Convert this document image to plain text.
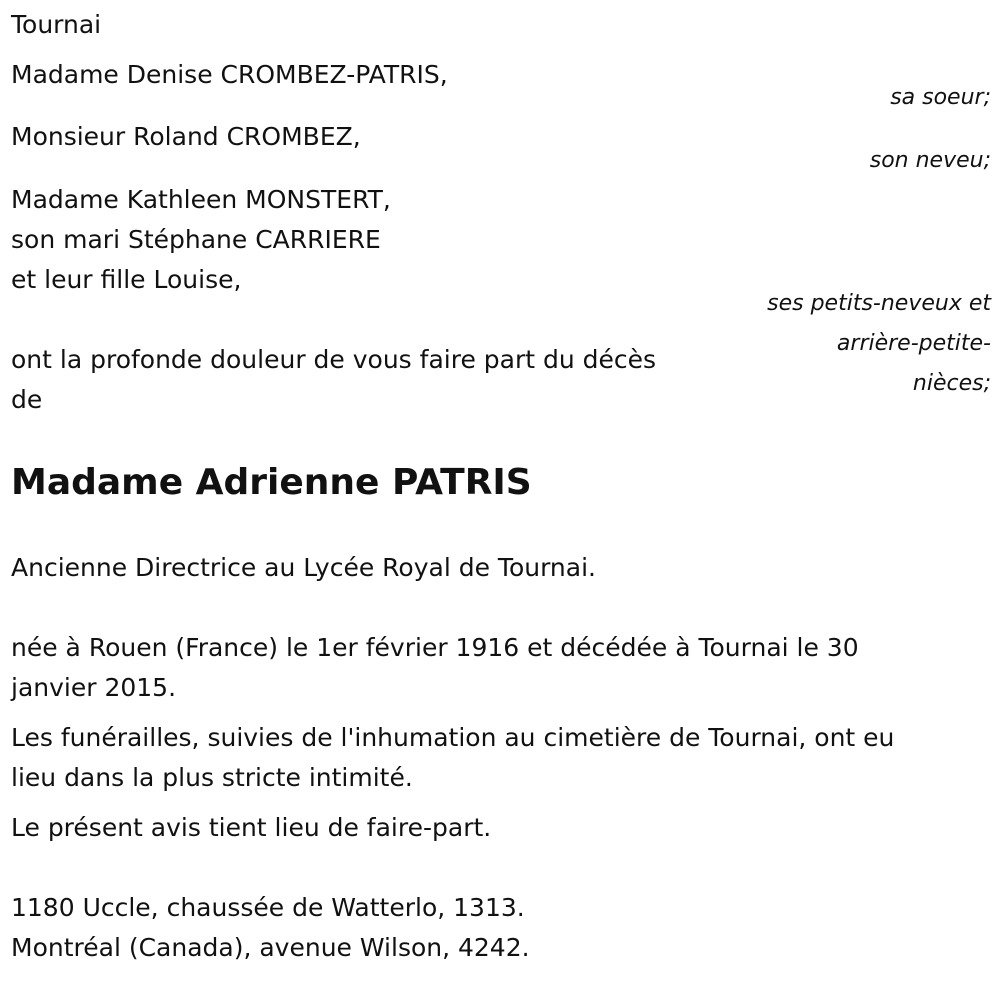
Tournai
Madame Denise CROMBEZ-PATRIS,
sa soeur;
Monsieur Roland CROMBEZ,
son neveu;
Madame Kathleen MONSTERT,
son mari Stéphane CARRIERE
et leur fille Louise,
ses petits-neveux et
arrière-petite-
nièces;
ont la profonde douleur de vous faire part du décès
de
Madame Adrienne PATRIS
Ancienne Directrice au Lycée Royal de Tournai.
née à Rouen (France) le 1er février 1916 et décédée à Tournai le 30
janvier 2015.
Les funérailles, suivies de l'inhumation au cimetière de Tournai, ont eu
lieu dans la plus stricte intimité.
Le présent avis tient lieu de faire-part.
1180 Uccle, chaussée de Watterlo, 1313.
Montréal (Canada), avenue Wilson, 4242.
